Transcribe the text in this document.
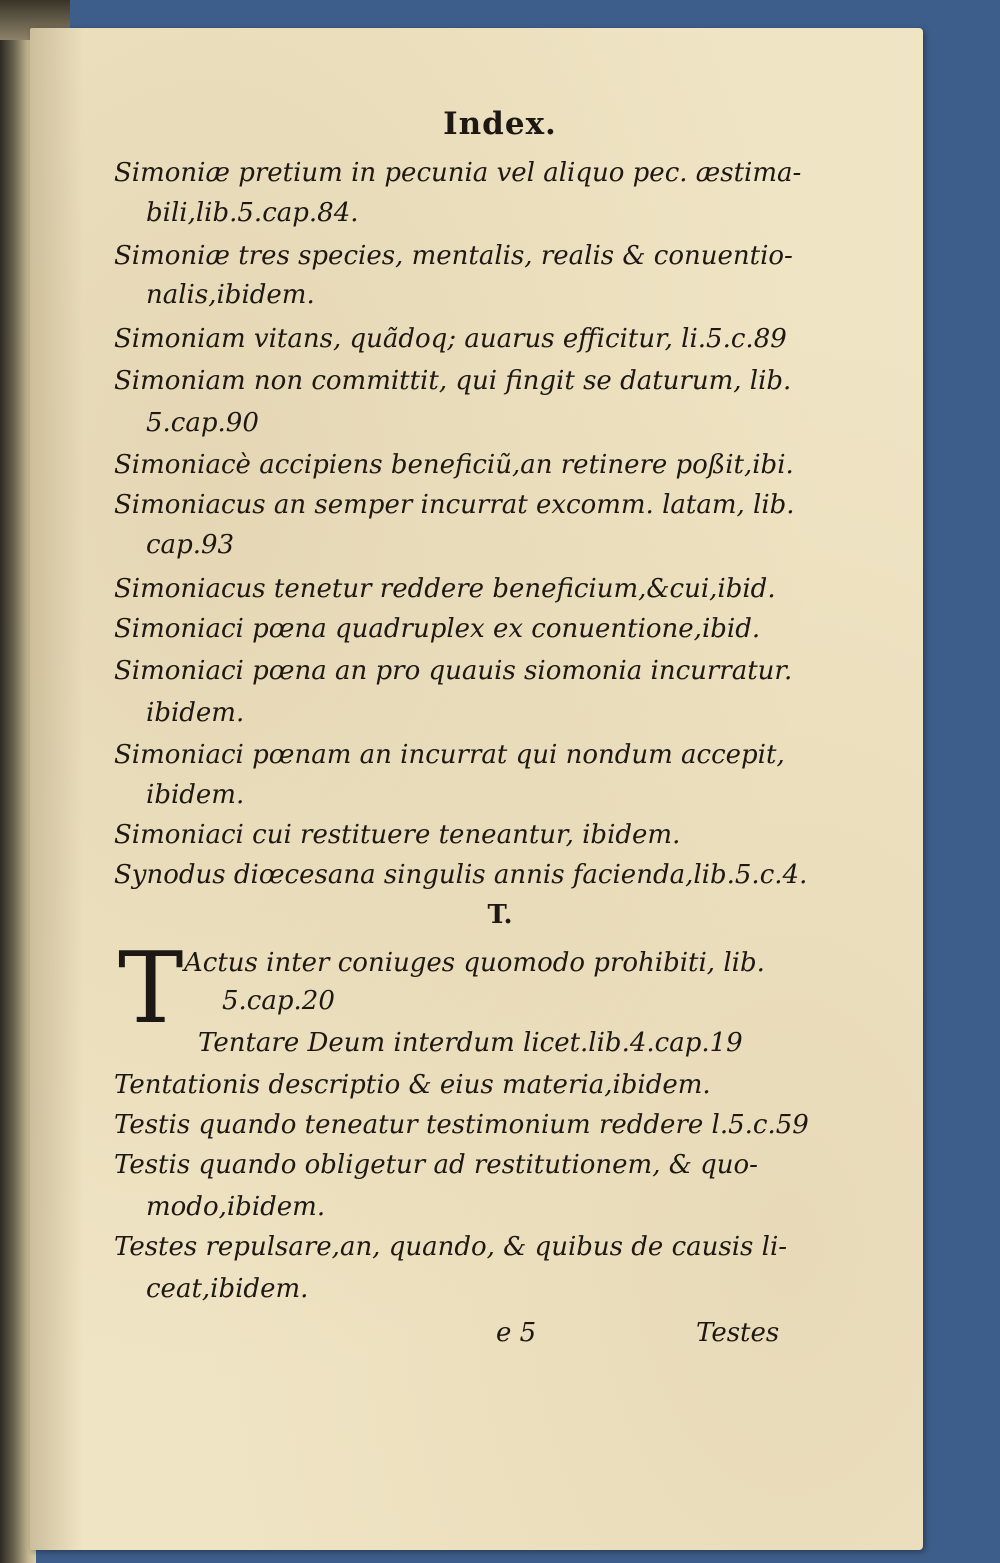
Index.
Simoniæ pretium in pecunia vel aliquo pec. æstima-
bili,lib.5.cap.84.
Simoniæ tres species, mentalis, realis & conuentio-
nalis,ibidem.
Simoniam vitans, quãdoq; auarus efficitur, li.5.c.89
Simoniam non committit, qui fingit se daturum, lib.
5.cap.90
Simoniacè accipiens beneficiũ,an retinere poßit,ibi.
Simoniacus an semper incurrat excomm. latam, lib.
cap.93
Simoniacus tenetur reddere beneficium,&cui,ibid.
Simoniaci pœna quadruplex ex conuentione,ibid.
Simoniaci pœna an pro quauis siomonia incurratur.
ibidem.
Simoniaci pœnam an incurrat qui nondum accepit,
ibidem.
Simoniaci cui restituere teneantur, ibidem.
Synodus diœcesana singulis annis facienda,lib.5.c.4.
T.
T Actus inter coniuges quomodo prohibiti, lib.
5.cap.20
Tentare Deum interdum licet.lib.4.cap.19
Tentationis descriptio & eius materia,ibidem.
Testis quando teneatur testimonium reddere l.5.c.59
Testis quando obligetur ad restitutionem, & quo-
modo,ibidem.
Testes repulsare,an, quando, & quibus de causis li-
ceat,ibidem.
e 5	Testes
